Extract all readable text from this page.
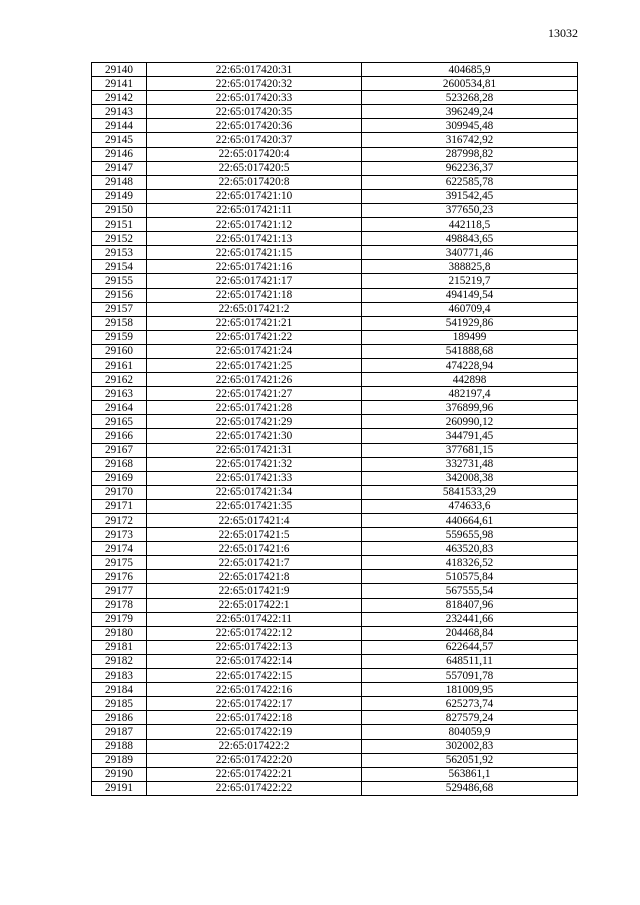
13032
29140	22:65:017420:31	404685,9
29141	22:65:017420:32	2600534,81
29142	22:65:017420:33	523268,28
29143	22:65:017420:35	396249,24
29144	22:65:017420:36	309945,48
29145	22:65:017420:37	316742,92
29146	22:65:017420:4	287998,82
29147	22:65:017420:5	962236,37
29148	22:65:017420:8	622585,78
29149	22:65:017421:10	391542,45
29150	22:65:017421:11	377650,23
29151	22:65:017421:12	442118,5
29152	22:65:017421:13	498843,65
29153	22:65:017421:15	340771,46
29154	22:65:017421:16	388825,8
29155	22:65:017421:17	215219,7
29156	22:65:017421:18	494149,54
29157	22:65:017421:2	460709,4
29158	22:65:017421:21	541929,86
29159	22:65:017421:22	189499
29160	22:65:017421:24	541888,68
29161	22:65:017421:25	474228,94
29162	22:65:017421:26	442898
29163	22:65:017421:27	482197,4
29164	22:65:017421:28	376899,96
29165	22:65:017421:29	260990,12
29166	22:65:017421:30	344791,45
29167	22:65:017421:31	377681,15
29168	22:65:017421:32	332731,48
29169	22:65:017421:33	342008,38
29170	22:65:017421:34	5841533,29
29171	22:65:017421:35	474633,6
29172	22:65:017421:4	440664,61
29173	22:65:017421:5	559655,98
29174	22:65:017421:6	463520,83
29175	22:65:017421:7	418326,52
29176	22:65:017421:8	510575,84
29177	22:65:017421:9	567555,54
29178	22:65:017422:1	818407,96
29179	22:65:017422:11	232441,66
29180	22:65:017422:12	204468,84
29181	22:65:017422:13	622644,57
29182	22:65:017422:14	648511,11
29183	22:65:017422:15	557091,78
29184	22:65:017422:16	181009,95
29185	22:65:017422:17	625273,74
29186	22:65:017422:18	827579,24
29187	22:65:017422:19	804059,9
29188	22:65:017422:2	302002,83
29189	22:65:017422:20	562051,92
29190	22:65:017422:21	563861,1
29191	22:65:017422:22	529486,68
